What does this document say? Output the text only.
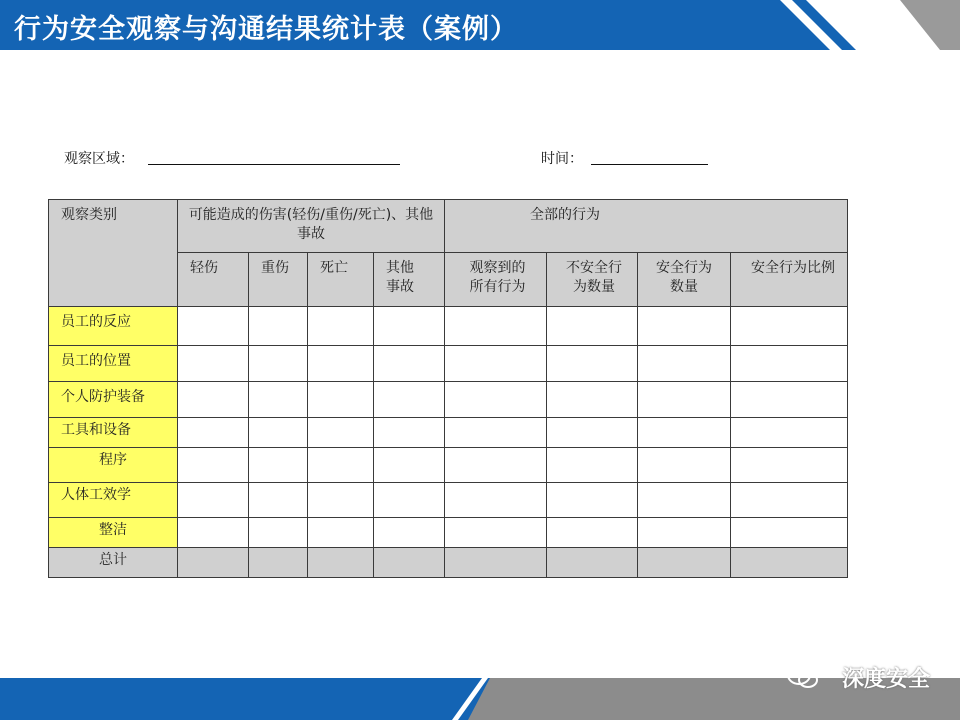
行为安全观察与沟通结果统计表（案例）
观察区域：	时间：
观察类别	可能造成的伤害(轻伤/重伤/死亡)、其他事故				全部的行为			

	轻伤	重伤	死亡	其他事故	观察到的所有行为	不安全行为数量	安全行为数量	安全行为比例

员工的反应								

员工的位置								

个人防护装备								

工具和设备								

程序								

人体工效学								

整洁								

总计								

深度安全
